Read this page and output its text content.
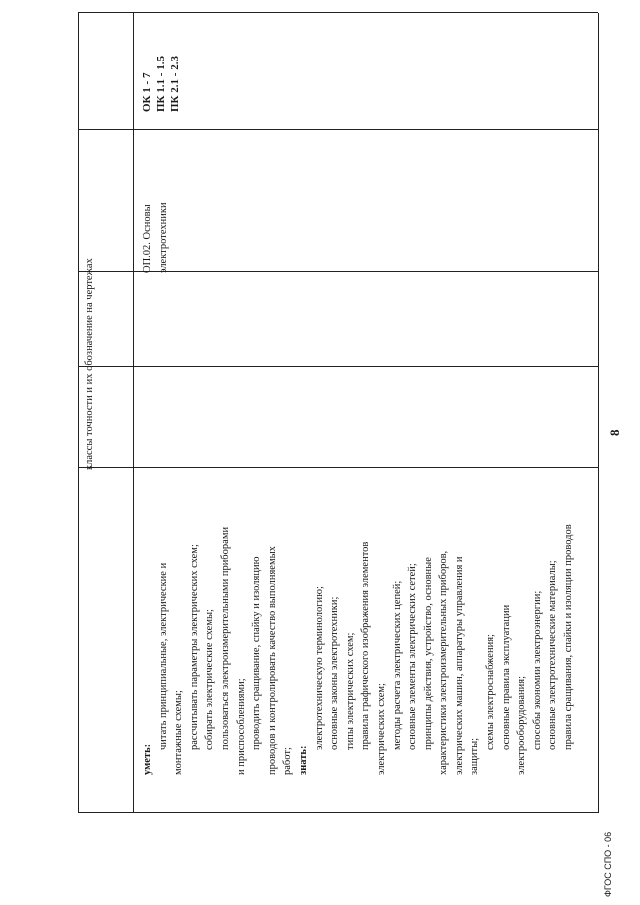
классы точности и их обозначение на чертежах
уметь:
читать принципиальные, электрические и монтажные схемы; рассчитывать параметры электрических схем; собирать электрические схемы; пользоваться электроизмерительными приборами и приспособлениями; проводить сращивание, спайку и изоляцию проводов и контролировать качество выполняемых работ; знать:
электротехническую терминологию; основные законы электротехники; типы электрических схем; правила графического изображения элементов электрических схем; методы расчета электрических цепей; основные элементы электрических сетей; принципы действия, устройство, основные характеристики электроизмерительных приборов, электрических машин, аппаратуры управления и защиты;
схемы электроснабжения; основные правила эксплуатации электрооборудования; способы экономии электроэнергии; основные электротехнические материалы; правила сращивания, спайки и изоляции проводов
ОП.02. Основы электротехники
ОК 1 - 7 ПК 1.1 - 1.5 ПК 2.1 - 2.3
8
ФГОС СПО - 06
